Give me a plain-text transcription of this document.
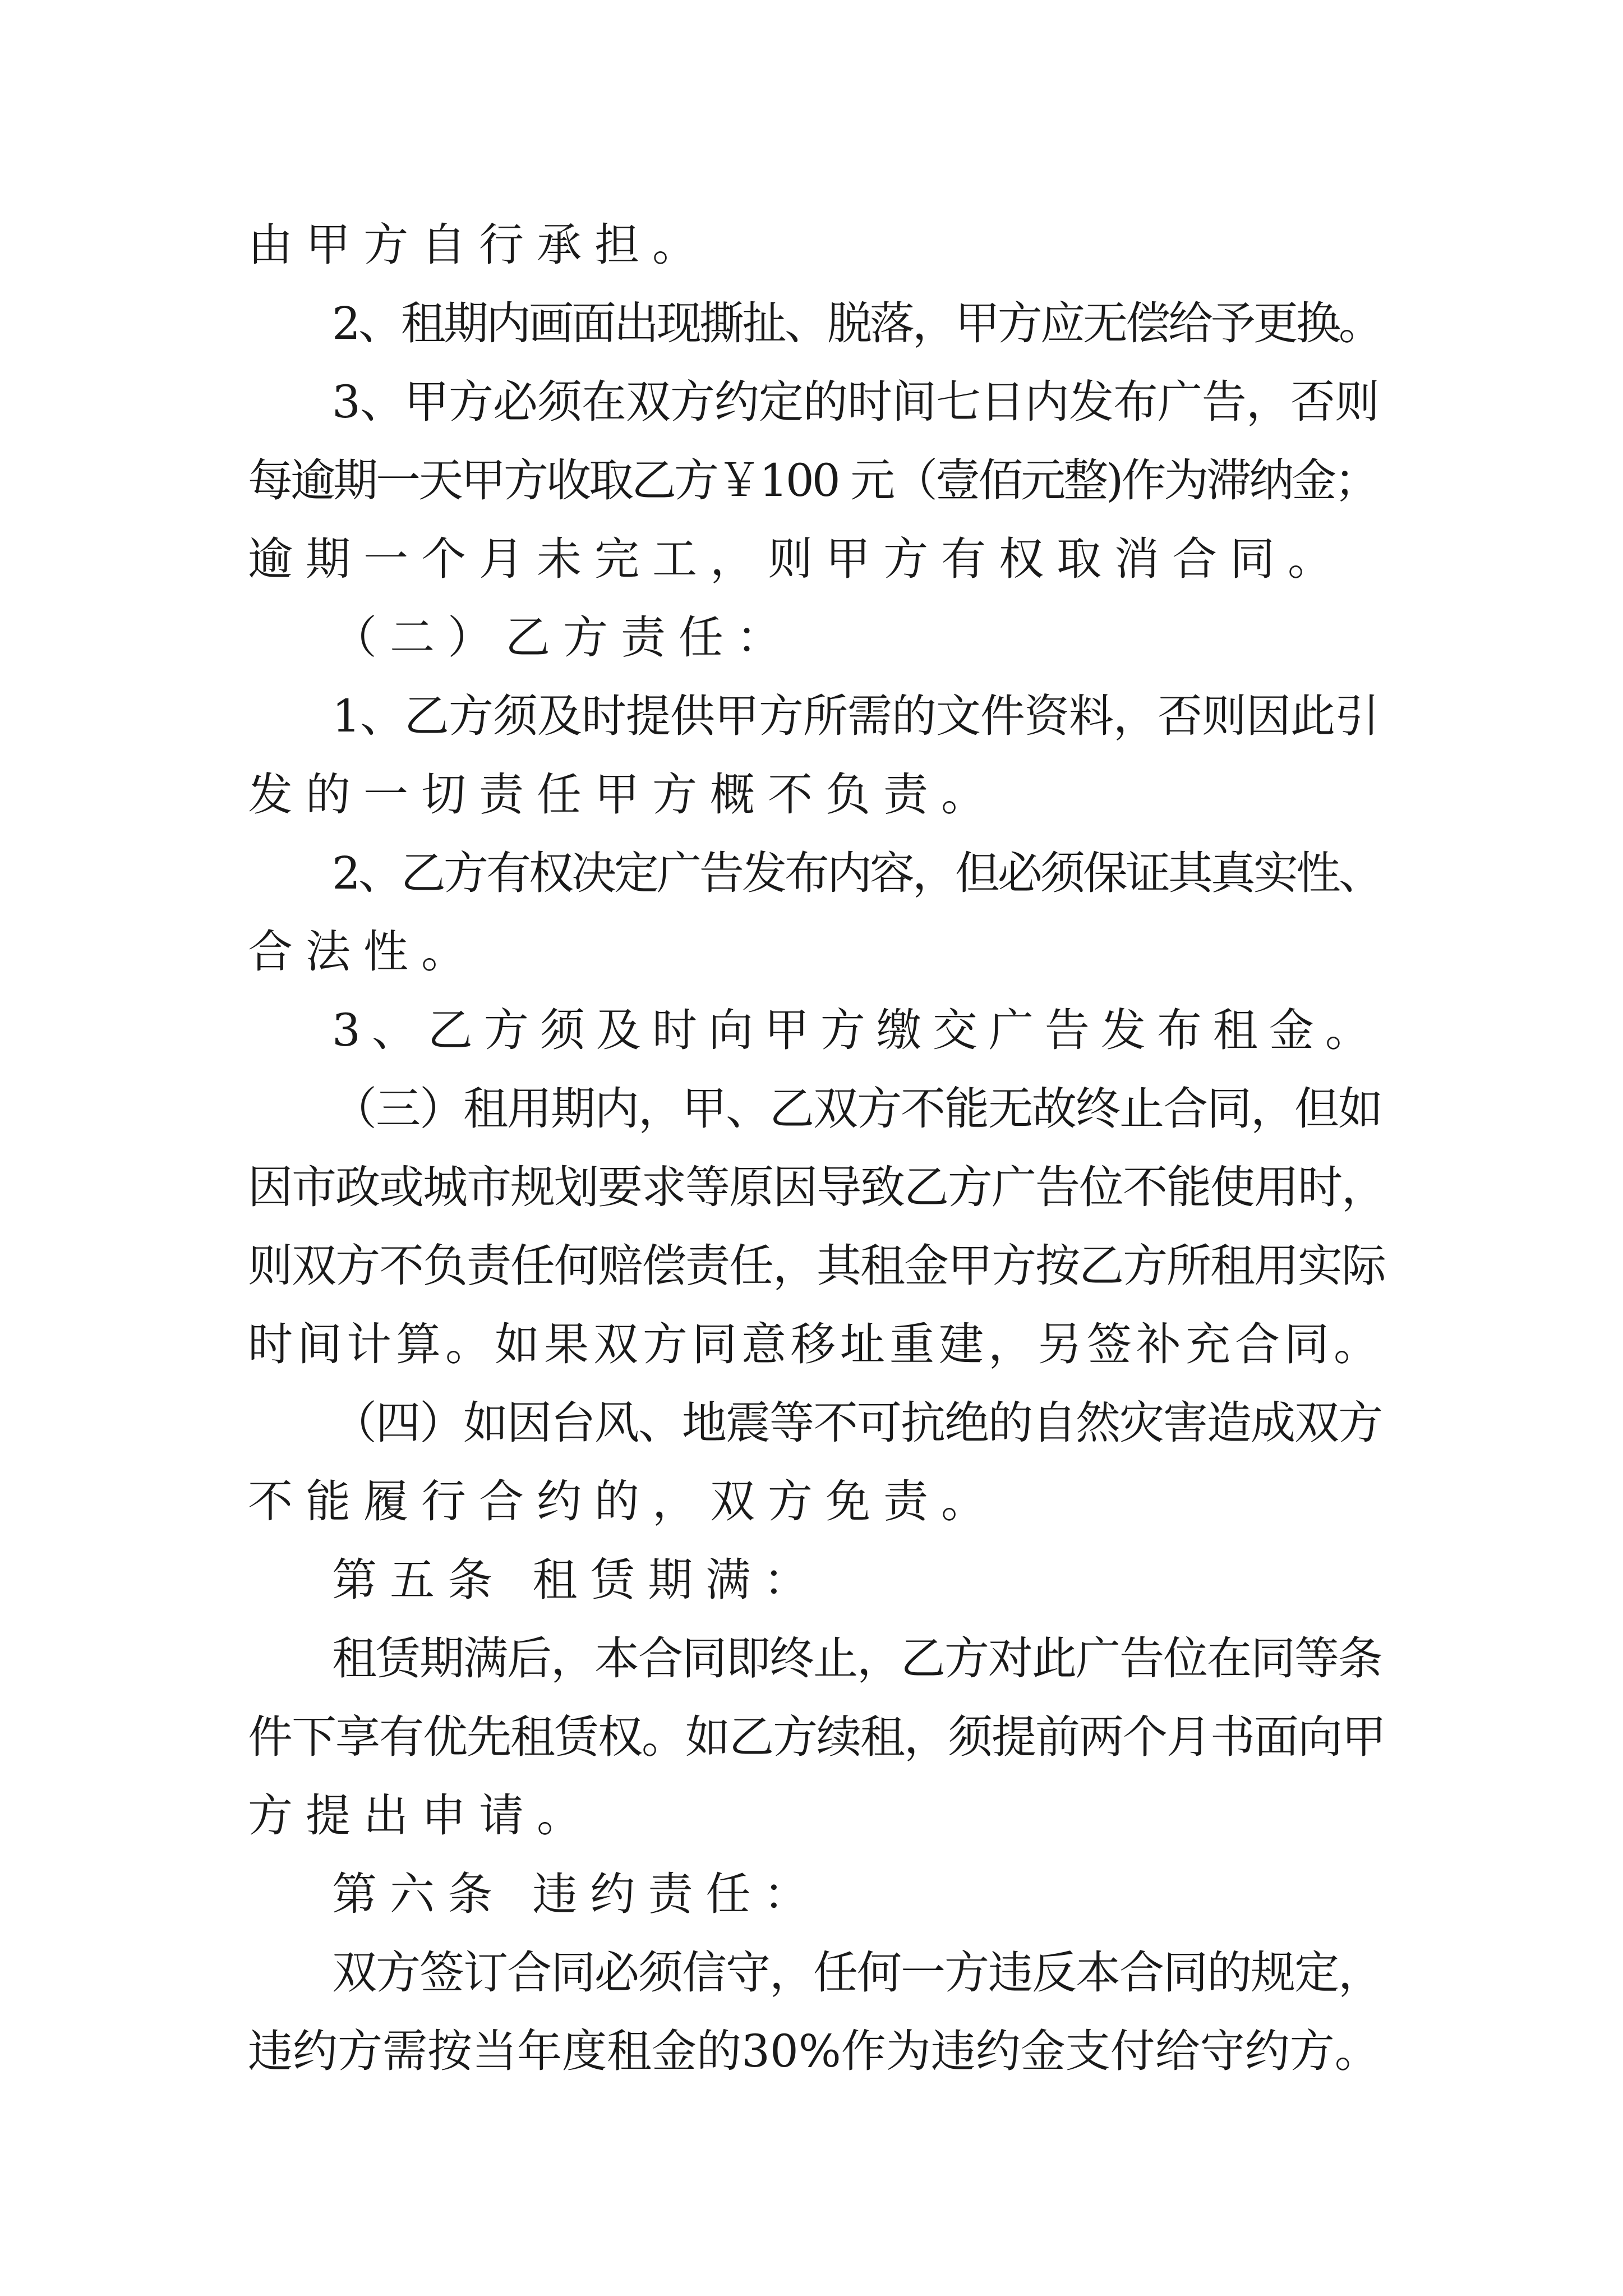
由甲方自行承担。
2、租期内画面出现撕扯、脱落，甲方应无偿给予更换。
3、甲方必须在双方约定的时间七日内发布广告，否则
每逾期一天甲方收取乙方￥100 元（壹佰元整)作为滞纳金；
逾期一个月未完工，则甲方有权取消合同。
（二）乙方责任：
1、乙方须及时提供甲方所需的文件资料，否则因此引
发的一切责任甲方概不负责。
2、乙方有权决定广告发布内容，但必须保证其真实性、
合法性。
3、乙方须及时向甲方缴交广告发布租金。
（三）租用期内，甲、乙双方不能无故终止合同，但如
因市政或城市规划要求等原因导致乙方广告位不能使用时，
则双方不负责任何赔偿责任，其租金甲方按乙方所租用实际
时间计算。如果双方同意移址重建，另签补充合同。
（四）如因台风、地震等不可抗绝的自然灾害造成双方
不能履行合约的，双方免责。
第五条 租赁期满：
租赁期满后，本合同即终止，乙方对此广告位在同等条
件下享有优先租赁权。如乙方续租，须提前两个月书面向甲
方提出申请。
第六条 违约责任：
双方签订合同必须信守，任何一方违反本合同的规定，
违约方需按当年度租金的30%作为违约金支付给守约方。
